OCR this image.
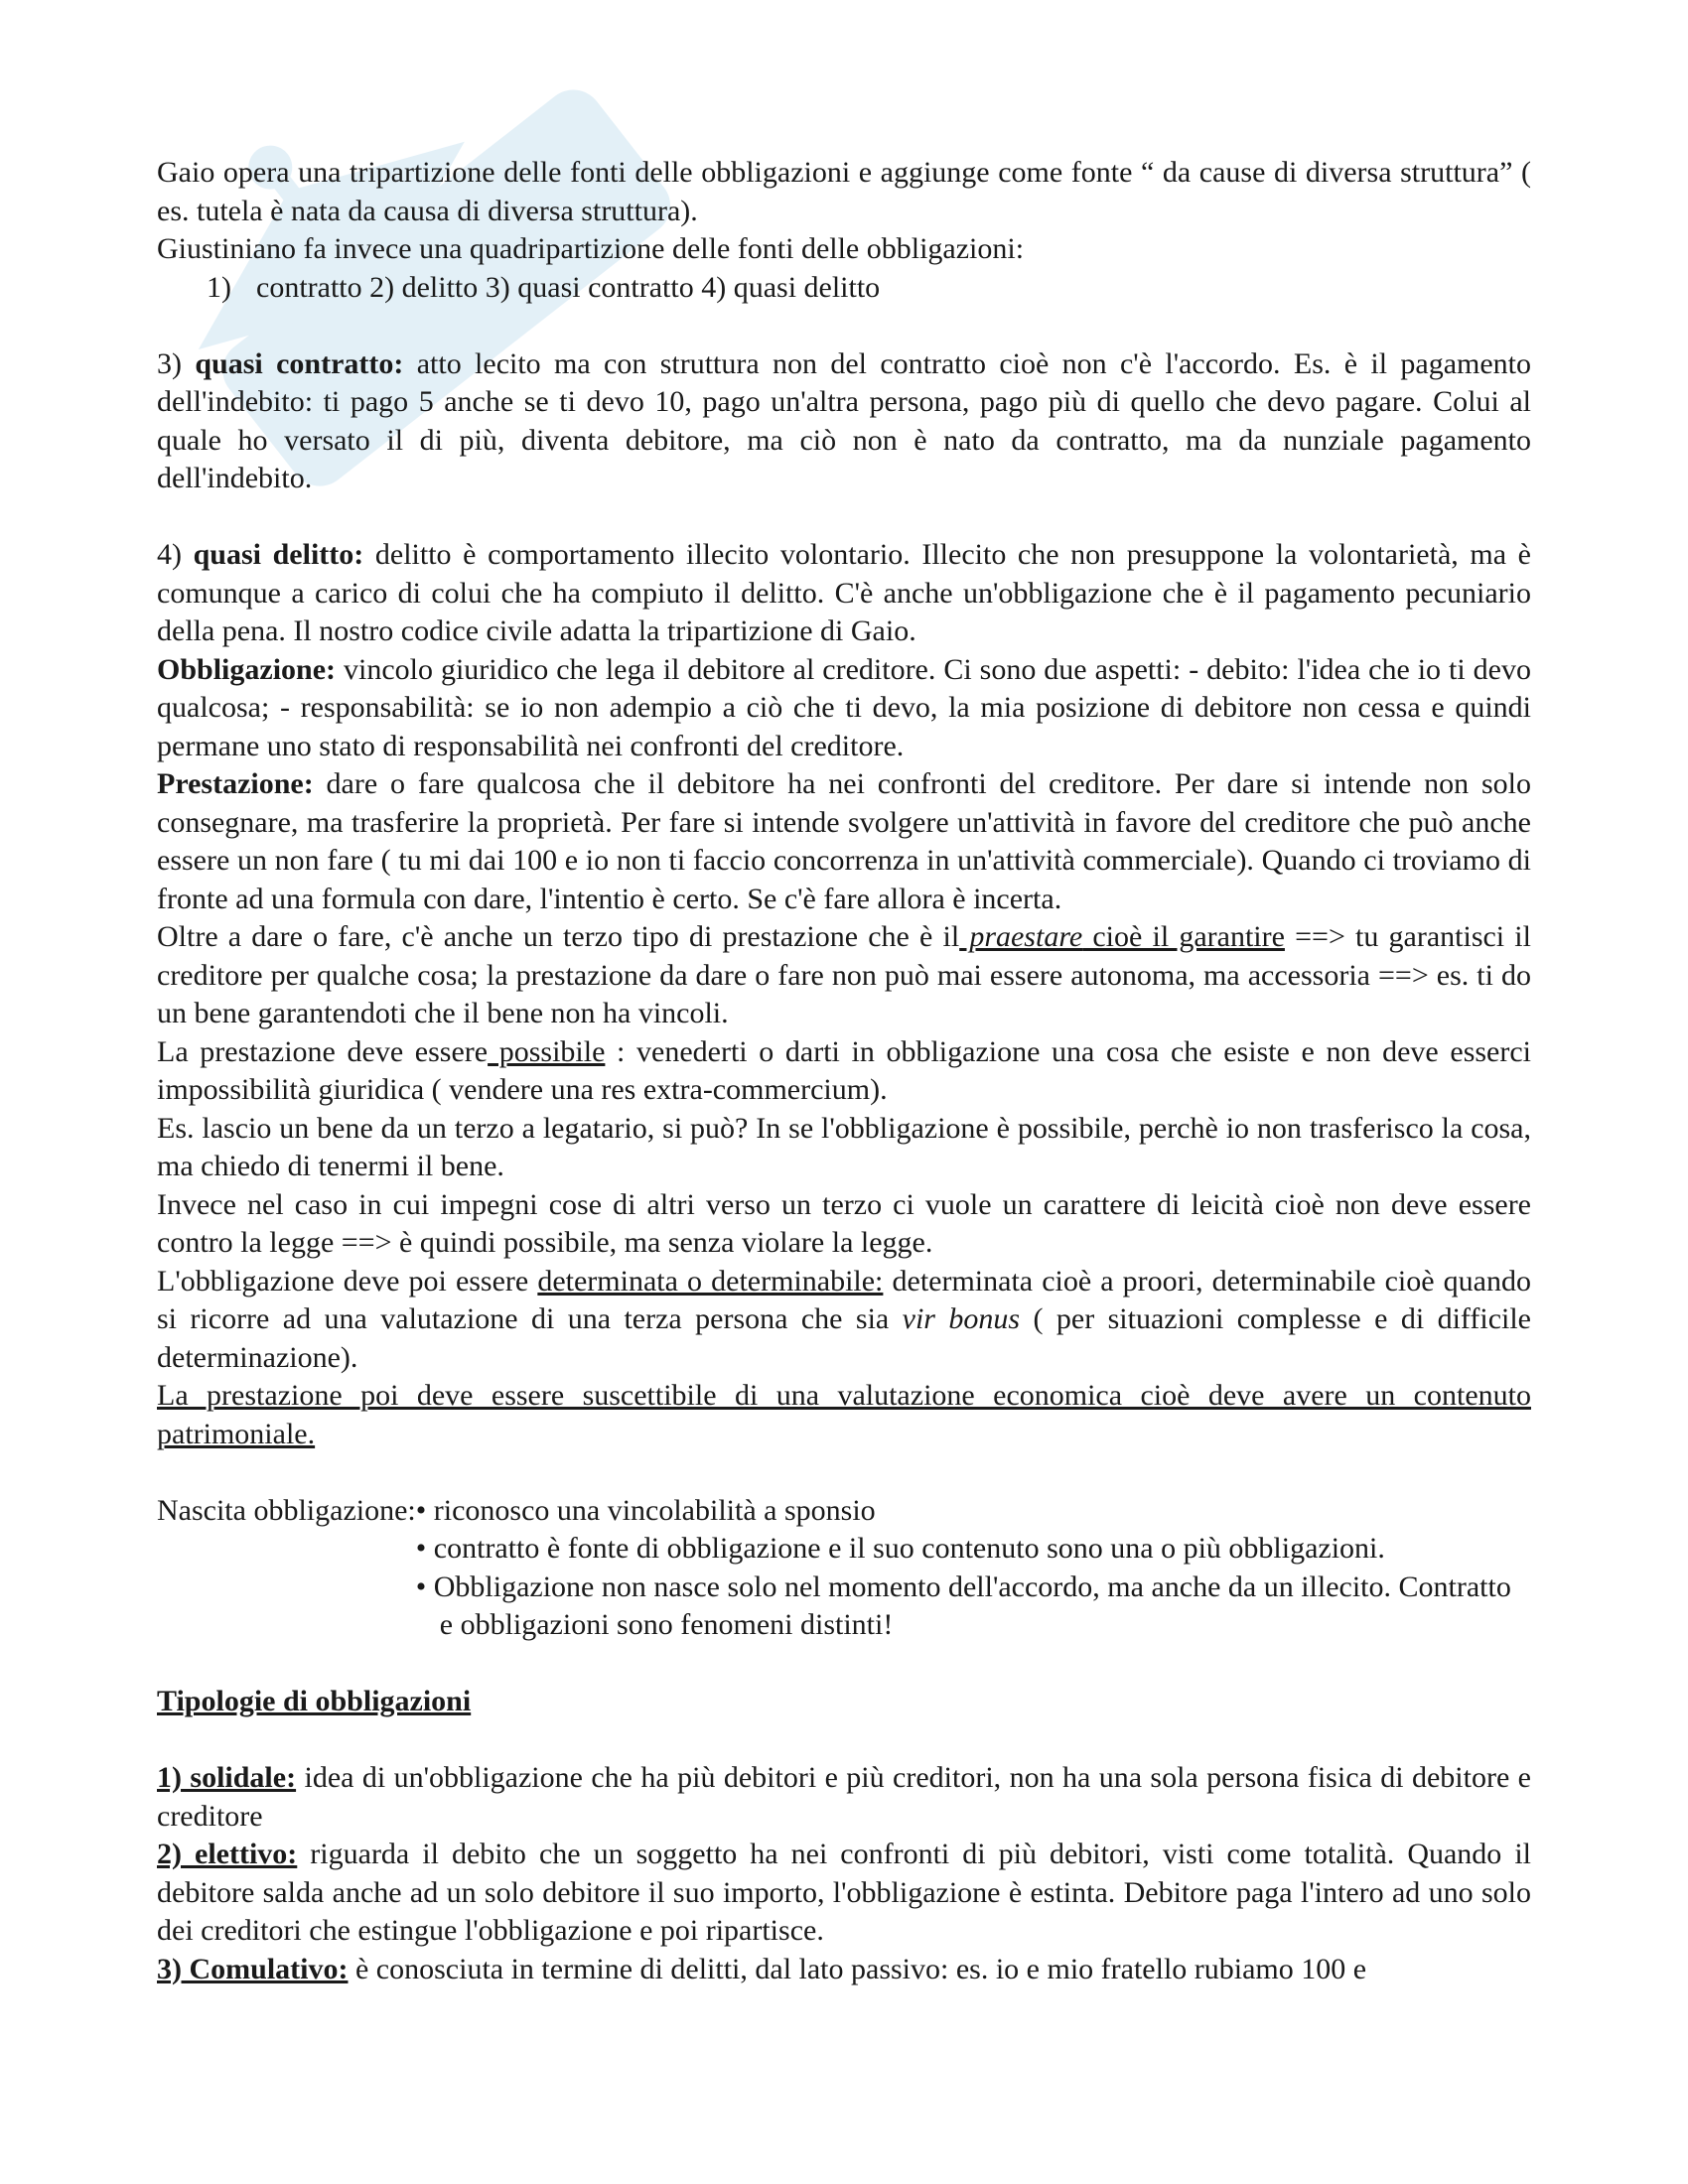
Gaio opera una tripartizione delle fonti delle obbligazioni e aggiunge come fonte “ da cause di diversa struttura” ( es. tutela è nata da causa di diversa struttura).

Giustiniano fa invece una quadripartizione delle fonti delle obbligazioni:

1) contratto 2) delitto 3) quasi contratto 4) quasi delitto

3) quasi contratto: atto lecito ma con struttura non del contratto cioè non c'è l'accordo. Es. è il pagamento dell'indebito: ti pago 5 anche se ti devo 10, pago un'altra persona, pago più di quello che devo pagare. Colui al quale ho versato il di più, diventa debitore, ma ciò non è nato da contratto, ma da nunziale pagamento dell'indebito.

4) quasi delitto: delitto è comportamento illecito volontario. Illecito che non presuppone la volontarietà, ma è comunque a carico di colui che ha compiuto il delitto. C'è anche un'obbligazione che è il pagamento pecuniario della pena. Il nostro codice civile adatta la tripartizione di Gaio.

Obbligazione: vincolo giuridico che lega il debitore al creditore. Ci sono due aspetti: - debito: l'idea che io ti devo qualcosa; - responsabilità: se io non adempio a ciò che ti devo, la mia posizione di debitore non cessa e quindi permane uno stato di responsabilità nei confronti del creditore.

Prestazione: dare o fare qualcosa che il debitore ha nei confronti del creditore. Per dare si intende non solo consegnare, ma trasferire la proprietà. Per fare si intende svolgere un'attività in favore del creditore che può anche essere un non fare ( tu mi dai 100 e io non ti faccio concorrenza in un'attività commerciale). Quando ci troviamo di fronte ad una formula con dare, l'intentio è certo. Se c'è fare allora è incerta.

Oltre a dare o fare, c'è anche un terzo tipo di prestazione che è il praestare cioè il garantire ==> tu garantisci il creditore per qualche cosa; la prestazione da dare o fare non può mai essere autonoma, ma accessoria ==> es. ti do un bene garantendoti che il bene non ha vincoli.

La prestazione deve essere possibile : venederti o darti in obbligazione una cosa che esiste e non deve esserci impossibilità giuridica ( vendere una res extra-commercium).

Es. lascio un bene da un terzo a legatario, si può? In se l'obbligazione è possibile, perchè io non trasferisco la cosa, ma chiedo di tenermi il bene.

Invece nel caso in cui impegni cose di altri verso un terzo ci vuole un carattere di leicità cioè non deve essere contro la legge ==> è quindi possibile, ma senza violare la legge.

L'obbligazione deve poi essere determinata o determinabile: determinata cioè a proori, determinabile cioè quando si ricorre ad una valutazione di una terza persona che sia vir bonus ( per situazioni complesse e di difficile determinazione).

La prestazione poi deve essere suscettibile di una valutazione economica cioè deve avere un contenuto patrimoniale.

Nascita obbligazione: • riconosco una vincolabilità a sponsio
• contratto è fonte di obbligazione e il suo contenuto sono una o più obbligazioni.
• Obbligazione non nasce solo nel momento dell'accordo, ma anche da un illecito. Contratto e obbligazioni sono fenomeni distinti!

Tipologie di obbligazioni

1) solidale: idea di un'obbligazione che ha più debitori e più creditori, non ha una sola persona fisica di debitore e creditore

2) elettivo: riguarda il debito che un soggetto ha nei confronti di più debitori, visti come totalità. Quando il debitore salda anche ad un solo debitore il suo importo, l'obbligazione è estinta. Debitore paga l'intero ad uno solo dei creditori che estingue l'obbligazione e poi ripartisce.

3) Comulativo: è conosciuta in termine di delitti, dal lato passivo: es. io e mio fratello rubiamo 100 e
